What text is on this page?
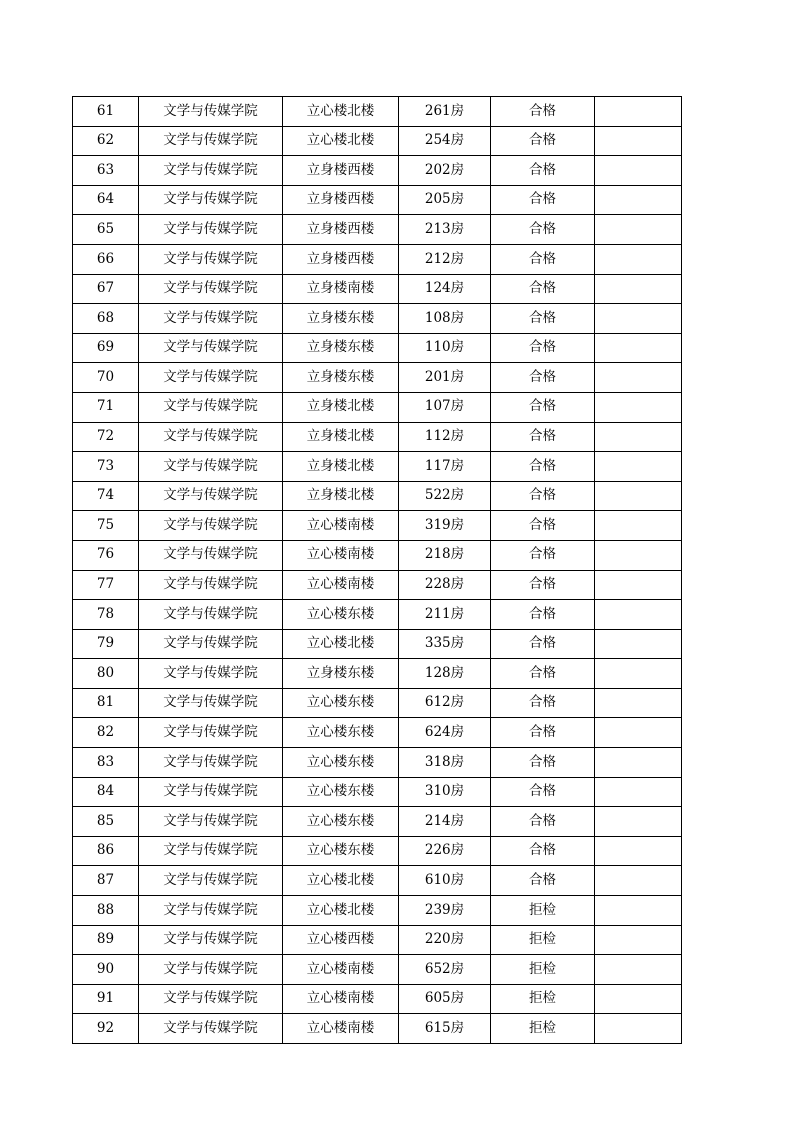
61	文学与传媒学院	立心楼北楼	261房	合格	
62	文学与传媒学院	立心楼北楼	254房	合格	
63	文学与传媒学院	立身楼西楼	202房	合格	
64	文学与传媒学院	立身楼西楼	205房	合格	
65	文学与传媒学院	立身楼西楼	213房	合格	
66	文学与传媒学院	立身楼西楼	212房	合格	
67	文学与传媒学院	立身楼南楼	124房	合格	
68	文学与传媒学院	立身楼东楼	108房	合格	
69	文学与传媒学院	立身楼东楼	110房	合格	
70	文学与传媒学院	立身楼东楼	201房	合格	
71	文学与传媒学院	立身楼北楼	107房	合格	
72	文学与传媒学院	立身楼北楼	112房	合格	
73	文学与传媒学院	立身楼北楼	117房	合格	
74	文学与传媒学院	立身楼北楼	522房	合格	
75	文学与传媒学院	立心楼南楼	319房	合格	
76	文学与传媒学院	立心楼南楼	218房	合格	
77	文学与传媒学院	立心楼南楼	228房	合格	
78	文学与传媒学院	立心楼东楼	211房	合格	
79	文学与传媒学院	立心楼北楼	335房	合格	
80	文学与传媒学院	立身楼东楼	128房	合格	
81	文学与传媒学院	立心楼东楼	612房	合格	
82	文学与传媒学院	立心楼东楼	624房	合格	
83	文学与传媒学院	立心楼东楼	318房	合格	
84	文学与传媒学院	立心楼东楼	310房	合格	
85	文学与传媒学院	立心楼东楼	214房	合格	
86	文学与传媒学院	立心楼东楼	226房	合格	
87	文学与传媒学院	立心楼北楼	610房	合格	
88	文学与传媒学院	立心楼北楼	239房	拒检	
89	文学与传媒学院	立心楼西楼	220房	拒检	
90	文学与传媒学院	立心楼南楼	652房	拒检	
91	文学与传媒学院	立心楼南楼	605房	拒检	
92	文学与传媒学院	立心楼南楼	615房	拒检	
